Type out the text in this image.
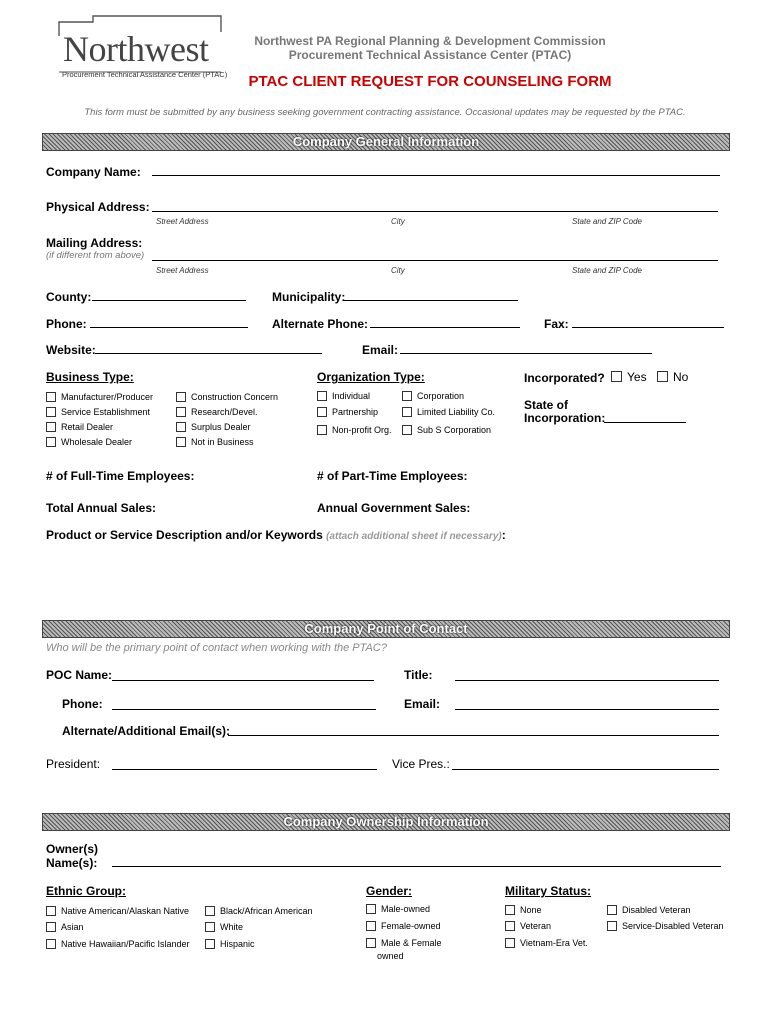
Northwest
Procurement Technical Assistance Center (PTAC)
Northwest PA Regional Planning & Development Commission
Procurement Technical Assistance Center (PTAC)
PTAC CLIENT REQUEST FOR COUNSELING FORM
This form must be submitted by any business seeking government contracting assistance. Occasional updates may be requested by the PTAC.
Company General Information
Company Name:
Physical Address:
Street Address	City	State and ZIP Code
Mailing Address:
(if different from above)
Street Address	City	State and ZIP Code
County:	Municipality:
Phone:	Alternate Phone:	Fax:
Website:	Email:
Business Type:
Manufacturer/Producer
Service Establishment
Retail Dealer
Wholesale Dealer
Construction Concern
Research/Devel.
Surplus Dealer
Not in Business
Organization Type:
Individual
Partnership
Non-profit Org.
Corporation
Limited Liability Co.
Sub S Corporation
Incorporated?	Yes	No
State of
Incorporation:
# of Full-Time Employees:	# of Part-Time Employees:
Total Annual Sales:	Annual Government Sales:
Product or Service Description and/or Keywords (attach additional sheet if necessary):
Company Point of Contact
Who will be the primary point of contact when working with the PTAC?
POC Name:	Title:
Phone:	Email:
Alternate/Additional Email(s):
President:	Vice Pres.:
Company Ownership Information
Owner(s)
Name(s):
Ethnic Group:
Native American/Alaskan Native
Asian
Native Hawaiian/Pacific Islander
Black/African American
White
Hispanic
Gender:
Male-owned
Female-owned
Male & Female
owned
Military Status:
None
Veteran
Vietnam-Era Vet.
Disabled Veteran
Service-Disabled Veteran
